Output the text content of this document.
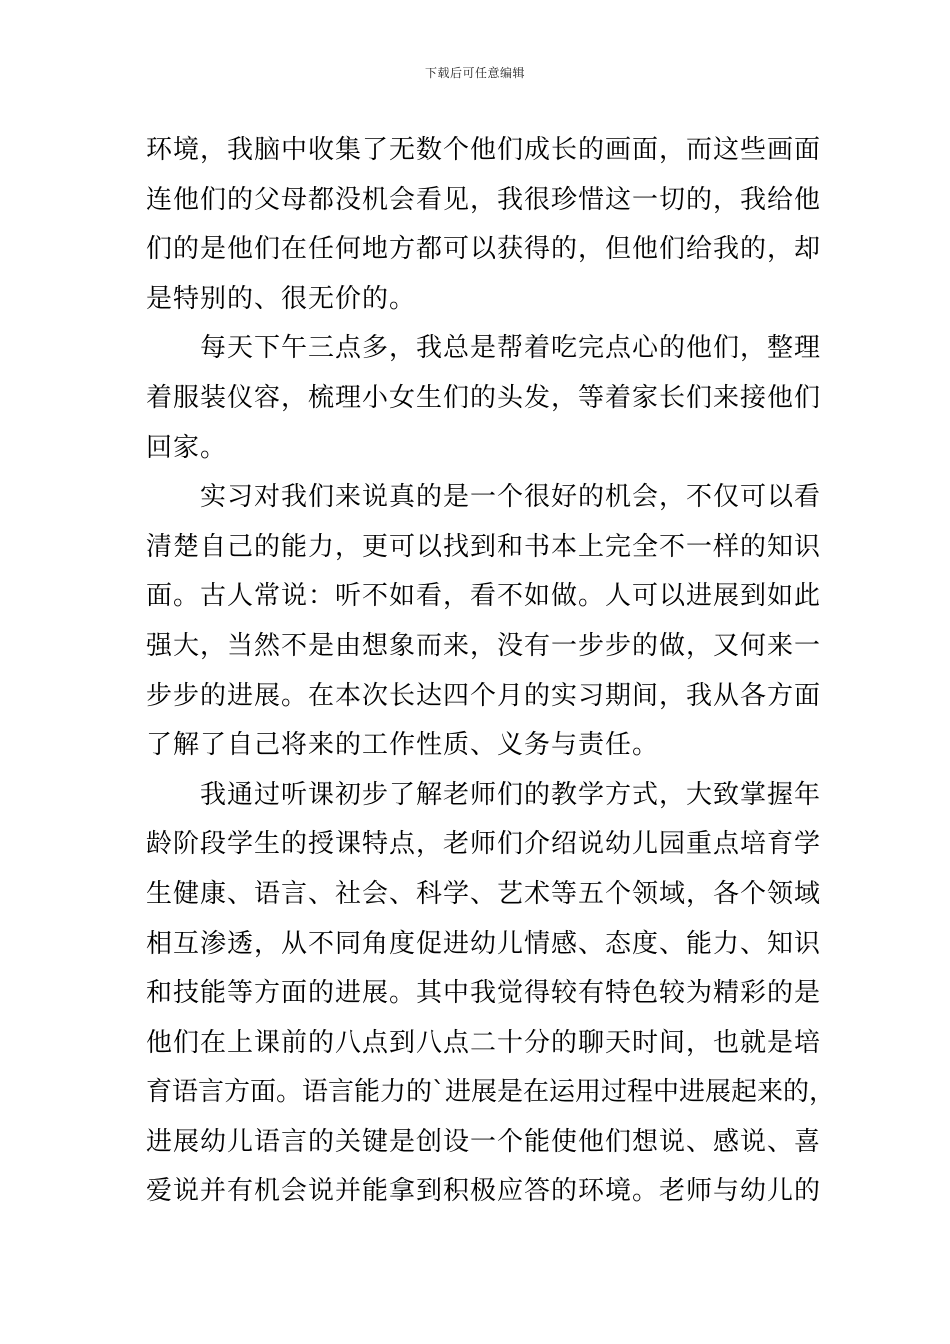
下载后可任意编辑

环境，我脑中收集了无数个他们成长的画面，而这些画面
连他们的父母都没机会看见，我很珍惜这一切的，我给他
们的是他们在任何地方都可以获得的，但他们给我的，却
是特别的、很无价的。

每天下午三点多，我总是帮着吃完点心的他们，整理
着服装仪容，梳理小女生们的头发，等着家长们来接他们
回家。

实习对我们来说真的是一个很好的机会，不仅可以看
清楚自己的能力，更可以找到和书本上完全不一样的知识
面。古人常说：听不如看，看不如做。人可以进展到如此
强大，当然不是由想象而来，没有一步步的做，又何来一
步步的进展。在本次长达四个月的实习期间，我从各方面
了解了自己将来的工作性质、义务与责任。

我通过听课初步了解老师们的教学方式，大致掌握年
龄阶段学生的授课特点，老师们介绍说幼儿园重点培育学
生健康、语言、社会、科学、艺术等五个领域，各个领域
相互渗透，从不同角度促进幼儿情感、态度、能力、知识
和技能等方面的进展。其中我觉得较有特色较为精彩的是
他们在上课前的八点到八点二十分的聊天时间，也就是培
育语言方面。语言能力的`进展是在运用过程中进展起来的，
进展幼儿语言的关键是创设一个能使他们想说、感说、喜
爱说并有机会说并能拿到积极应答的环境。老师与幼儿的
